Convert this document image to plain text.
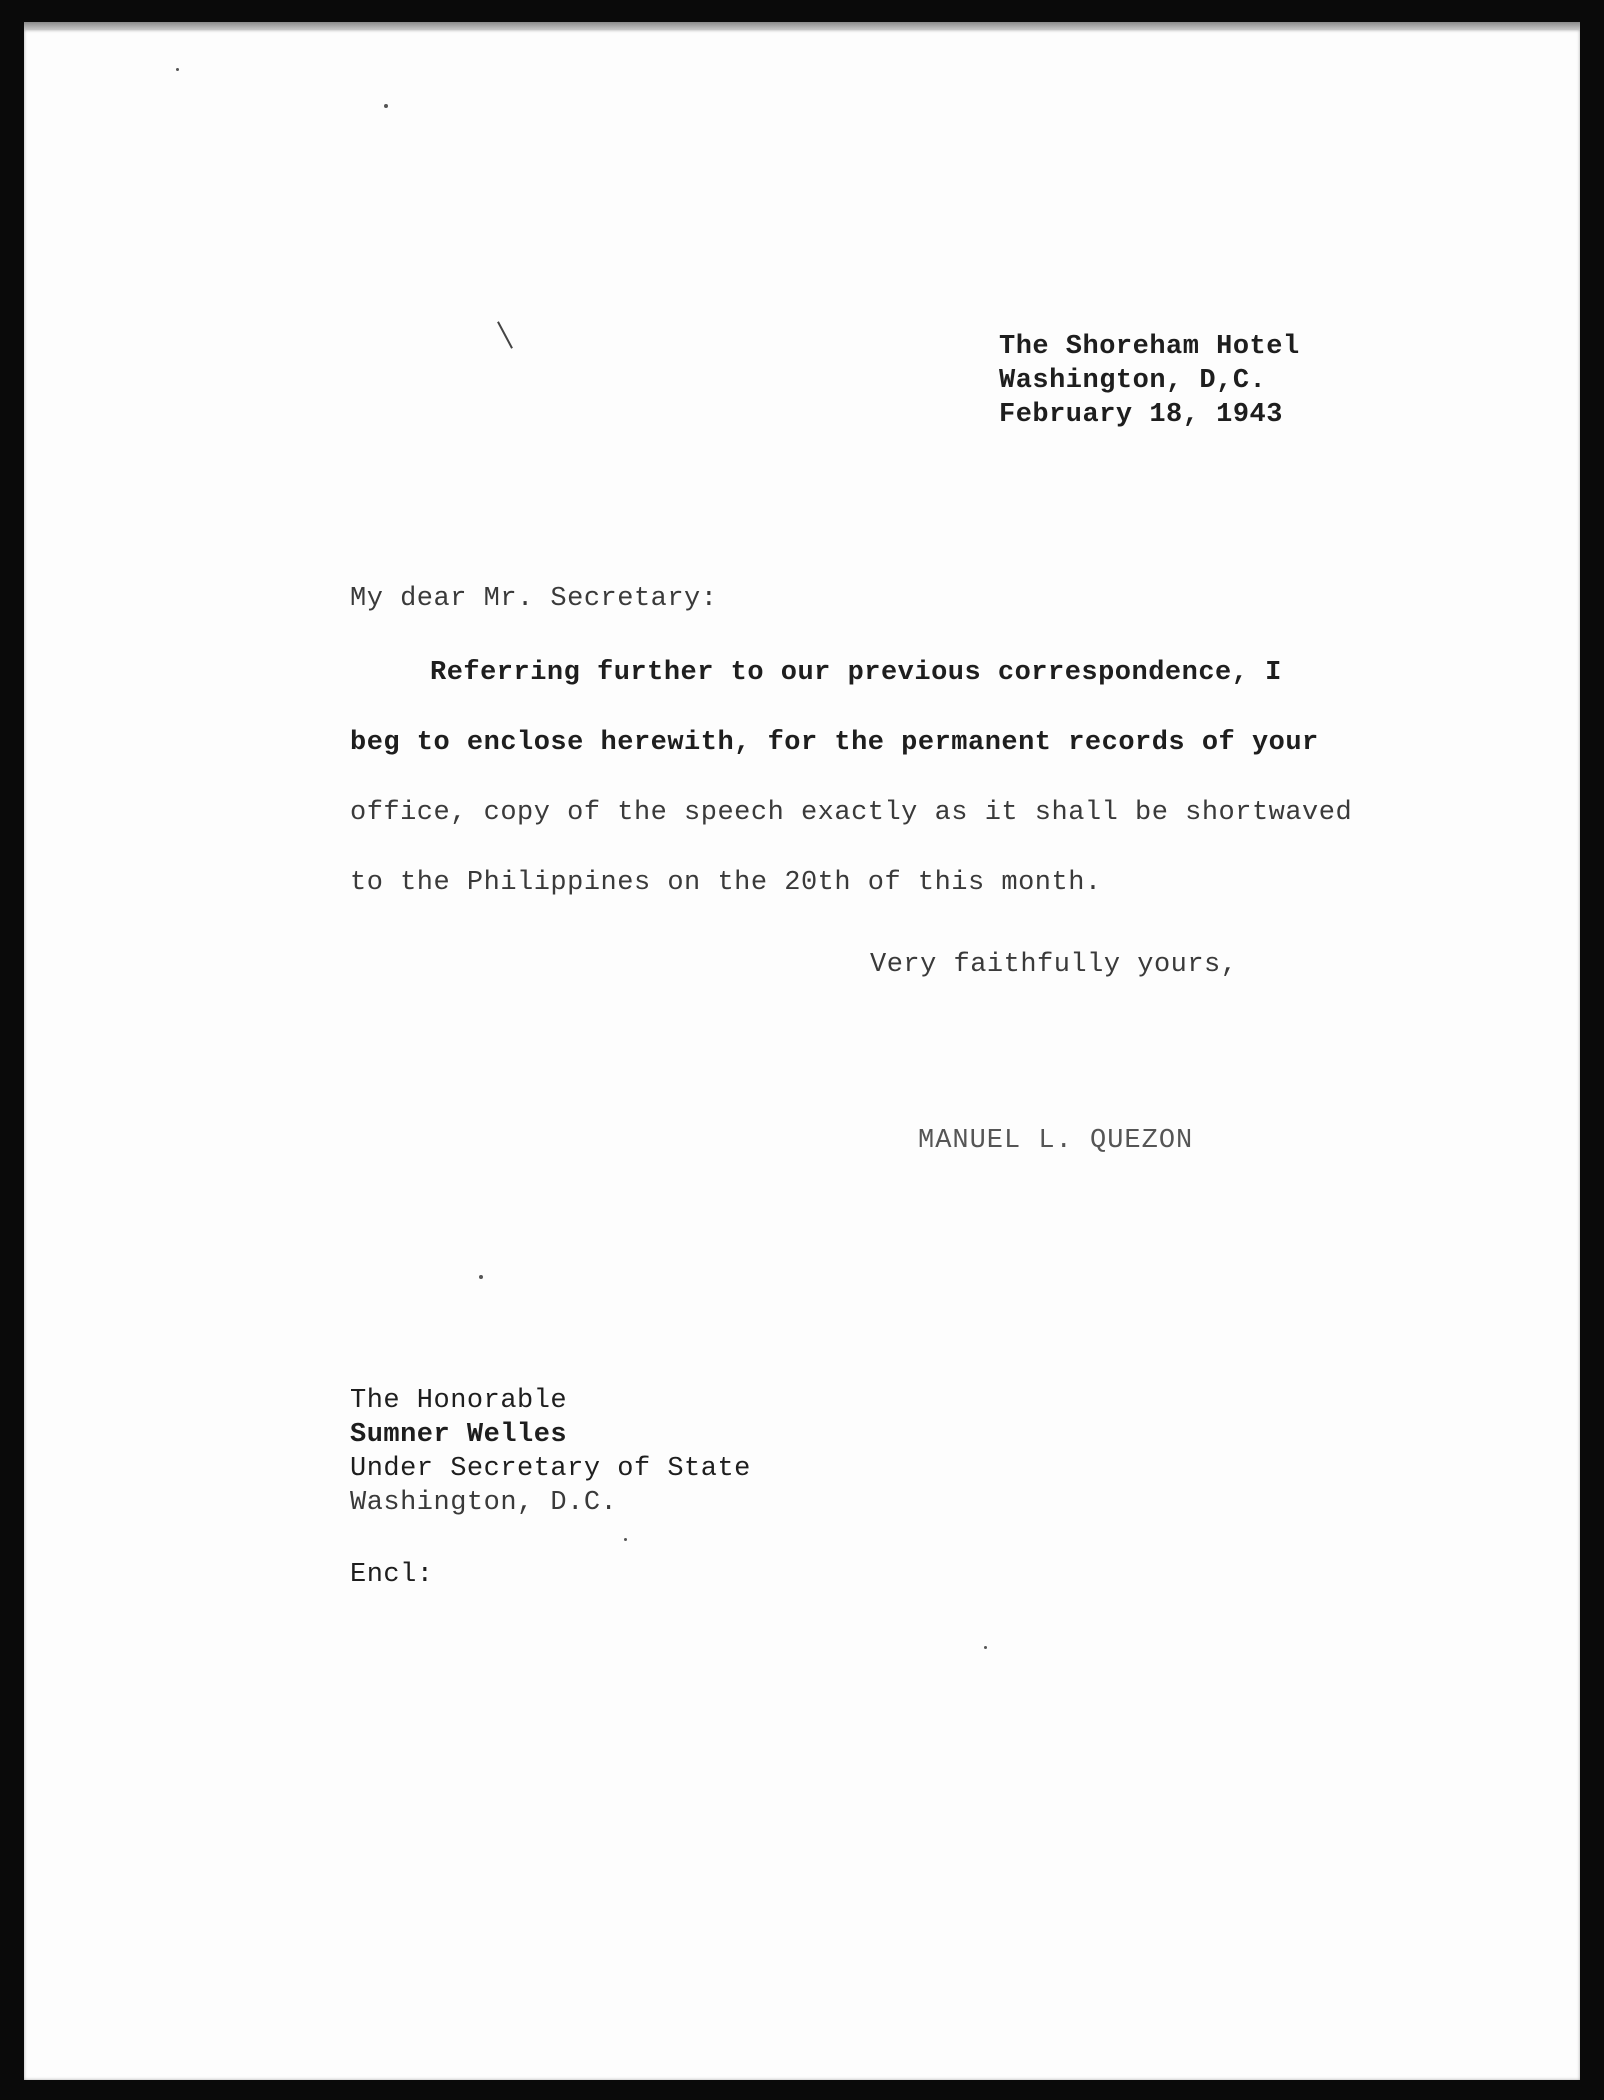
The Shoreham Hotel
Washington, D,C.
February 18, 1943
My dear Mr. Secretary:
Referring further to our previous correspondence, I
beg to enclose herewith, for the permanent records of your
office, copy of the speech exactly as it shall be shortwaved
to the Philippines on the 20th of this month.
Very faithfully yours,
MANUEL L. QUEZON
The Honorable
Sumner Welles
Under Secretary of State
Washington, D.C.
Encl:
